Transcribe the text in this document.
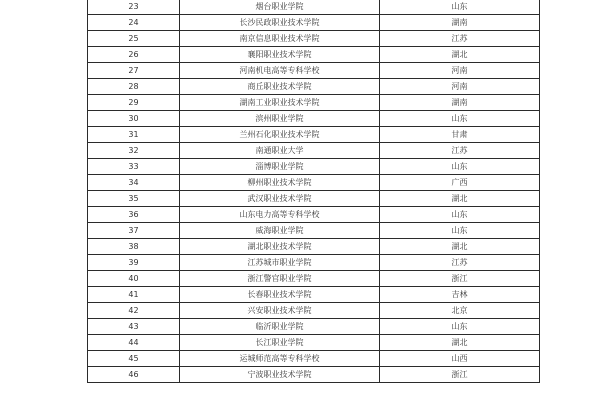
23	烟台职业学院	山东
24	长沙民政职业技术学院	湖南
25	南京信息职业技术学院	江苏
26	襄阳职业技术学院	湖北
27	河南机电高等专科学校	河南
28	商丘职业技术学院	河南
29	湖南工业职业技术学院	湖南
30	滨州职业学院	山东
31	兰州石化职业技术学院	甘肃
32	南通职业大学	江苏
33	淄博职业学院	山东
34	柳州职业技术学院	广西
35	武汉职业技术学院	湖北
36	山东电力高等专科学校	山东
37	威海职业学院	山东
38	湖北职业技术学院	湖北
39	江苏城市职业学院	江苏
40	浙江警官职业学院	浙江
41	长春职业技术学院	吉林
42	兴安职业技术学院	北京
43	临沂职业学院	山东
44	长江职业学院	湖北
45	运城师范高等专科学校	山西
46	宁波职业技术学院	浙江
